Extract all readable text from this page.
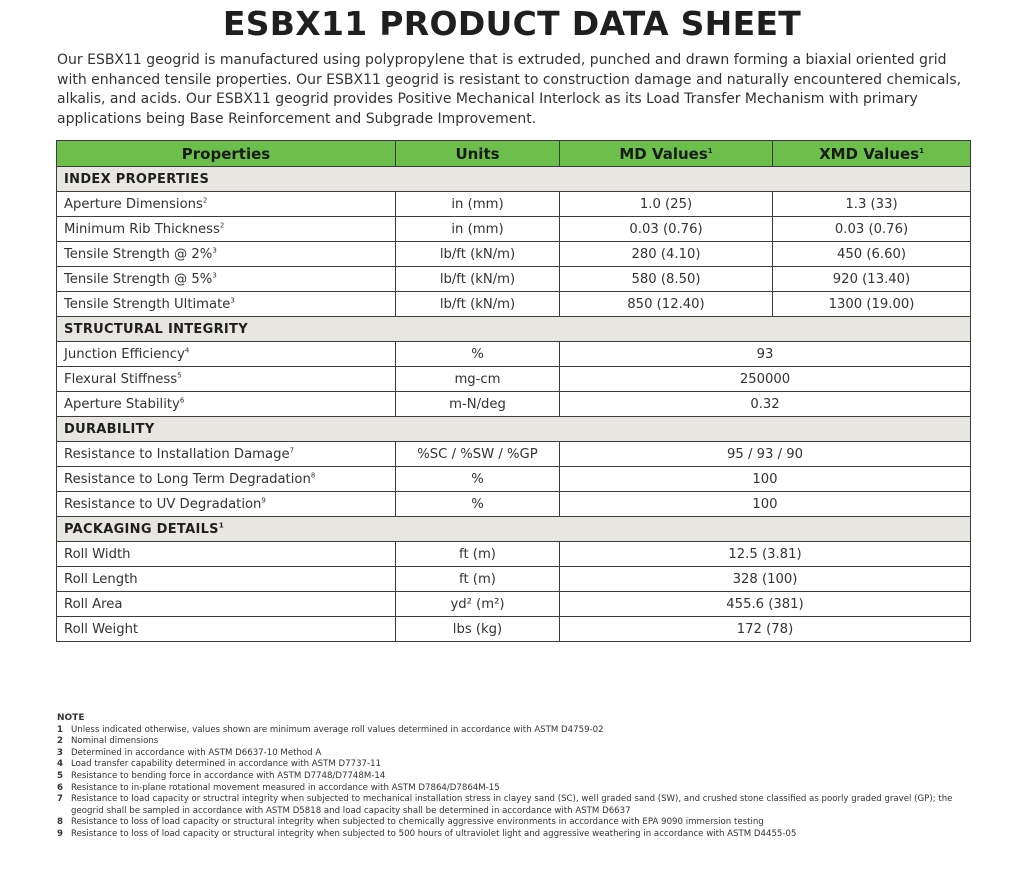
ESBX11 PRODUCT DATA SHEET

Our ESBX11 geogrid is manufactured using polypropylene that is extruded, punched and drawn forming a biaxial oriented grid with enhanced tensile properties. Our ESBX11 geogrid is resistant to construction damage and naturally encountered chemicals, alkalis, and acids. Our ESBX11 geogrid provides Positive Mechanical Interlock as its Load Transfer Mechanism with primary applications being Base Reinforcement and Subgrade Improvement.

Properties	Units	MD Values$^1$	XMD Values$^1$
INDEX PROPERTIES			
Aperture Dimensions$^2$	in (mm)	1.0 (25)	1.3 (33)
Minimum Rib Thickness$^2$	in (mm)	0.03 (0.76)	0.03 (0.76)
Tensile Strength @ 2%$^3$	lb/ft (kN/m)	280 (4.10)	450 (6.60)
Tensile Strength @ 5%$^3$	lb/ft (kN/m)	580 (8.50)	920 (13.40)
Tensile Strength Ultimate$^3$	lb/ft (kN/m)	850 (12.40)	1300 (19.00)
STRUCTURAL INTEGRITY			
Junction Efficiency$^4$	%	93	
Flexural Stiffness$^5$	mg-cm	250000	
Aperture Stability$^6$	m-N/deg	0.32	
DURABILITY			
Resistance to Installation Damage$^7$	%SC / %SW / %GP	95 / 93 / 90	
Resistance to Long Term Degradation$^8$	%	100	
Resistance to UV Degradation$^9$	%	100	
PACKAGING DETAILS$^1$
Roll Width	ft (m)	12.5 (3.81)	
Roll Length	ft (m)	328 (100)	
Roll Area	yd² (m²)	455.6 (381)	
Roll Weight	lbs (kg)	172 (78)	
NOTE
1 Unless indicated otherwise, values shown are minimum average roll values determined in accordance with ASTM D4759-02
2 Nominal dimensions
3 Determined in accordance with ASTM D6637-10 Method A
4 Load transfer capability determined in accordance with ASTM D7737-11
5 Resistance to bending force in accordance with ASTM D7748/D7748M-14
6 Resistance to in-plane rotational movement measured in accordance with ASTM D7864/D7864M-15
7 Resistance to load capacity or structral integrity when subjected to mechanical installation stress in clayey sand (SC), well graded sand (SW), and crushed stone classified as poorly graded gravel (GP); the geogrid shall be sampled in accordance with ASTM D5818 and load capacity shall be determined in accordance with ASTM D6637
8 Resistance to loss of load capacity or structural integrity when subjected to chemically aggressive environments in accordance with EPA 9090 immersion testing
9 Resistance to loss of load capacity or structural integrity when subjected to 500 hours of ultraviolet light and aggressive weathering in accordance with ASTM D4455-05
